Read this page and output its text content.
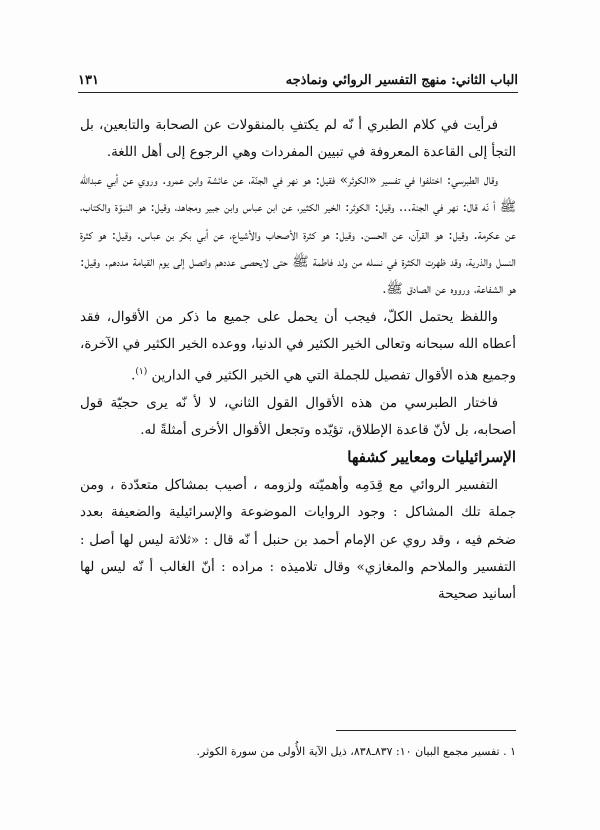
الباب الثاني: منهج التفسير الروائي ونماذجه
١٣١

فرأيت في كلام الطبري أ نّه لم يكتفِ بالمنقولات عن الصحابة والتابعين، بل التجأ إلى القاعدة المعروفة في تبيين المفردات وهي الرجوع إلى أهل اللغة.

وقال الطبرسي: اختلفوا في تفسير «الكوثر» فقيل: هو نهر في الجنّة، عن عائشة وابن عمرو. وروي عن أبي عبدالله ﷺ أ نّه قال: نهر في الجنة... وقيل: الكوثر: الخير الكثير، عن ابن عباس وابن جبير ومجاهد، وقيل: هو النبوّة والكتاب، عن عكرمة. وقيل: هو القرآن، عن الحسن. وقيل: هو كثرة الأصحاب والأشياع، عن أبي بكر بن عباس. وقيل: هو كثرة النسل والذرية، وقد ظهرت الكثرة في نسله من ولد فاطمة ﷺ حتى لايحصى عددهم واتصل إلى يوم القيامة مددهم. وقيل: هو الشفاعة، ورووه عن الصادق ﷺ.

واللفظ يحتمل الكلّ، فيجب أن يحمل على جميع ما ذكر من الأقوال، فقد أعطاه الله سبحانه وتعالى الخير الكثير في الدنيا، ووعده الخير الكثير في الآخرة، وجميع هذه الأقوال تفصيل للجملة التي هي الخير الكثير في الدارين $^{(١)}$.

فاختار الطبرسي من هذه الأقوال القول الثاني، لا لأ نّه يرى حجيّة قول أصحابه، بل لأنّ قاعدة الإطلاق، تؤيّده وتجعل الأقوال الأخرى أمثلةً له.

الإسرائيليات ومعايير كشفها

التفسير الروائي مع قِدَمِه وأهميّته ولزومه ، أصيب بمشاكل متعدّدة ، ومن جملة تلك المشاكل : وجود الروايات الموضوعة والإسرائيلية والضعيفة بعدد ضخم فيه ، وقد روي عن الإمام أحمد بن حنبل أ نّه قال : «ثلاثة ليس لها أصل : التفسير والملاحم والمغازي» وقال تلاميذه : مراده : أنّ الغالب أ نّه ليس لها أسانيد صحيحة

١ . تفسير مجمع البيان ١٠: ٨٣٧ـ٨٣٨، ذيل الآية الأُولى من سورة الكوثر.
